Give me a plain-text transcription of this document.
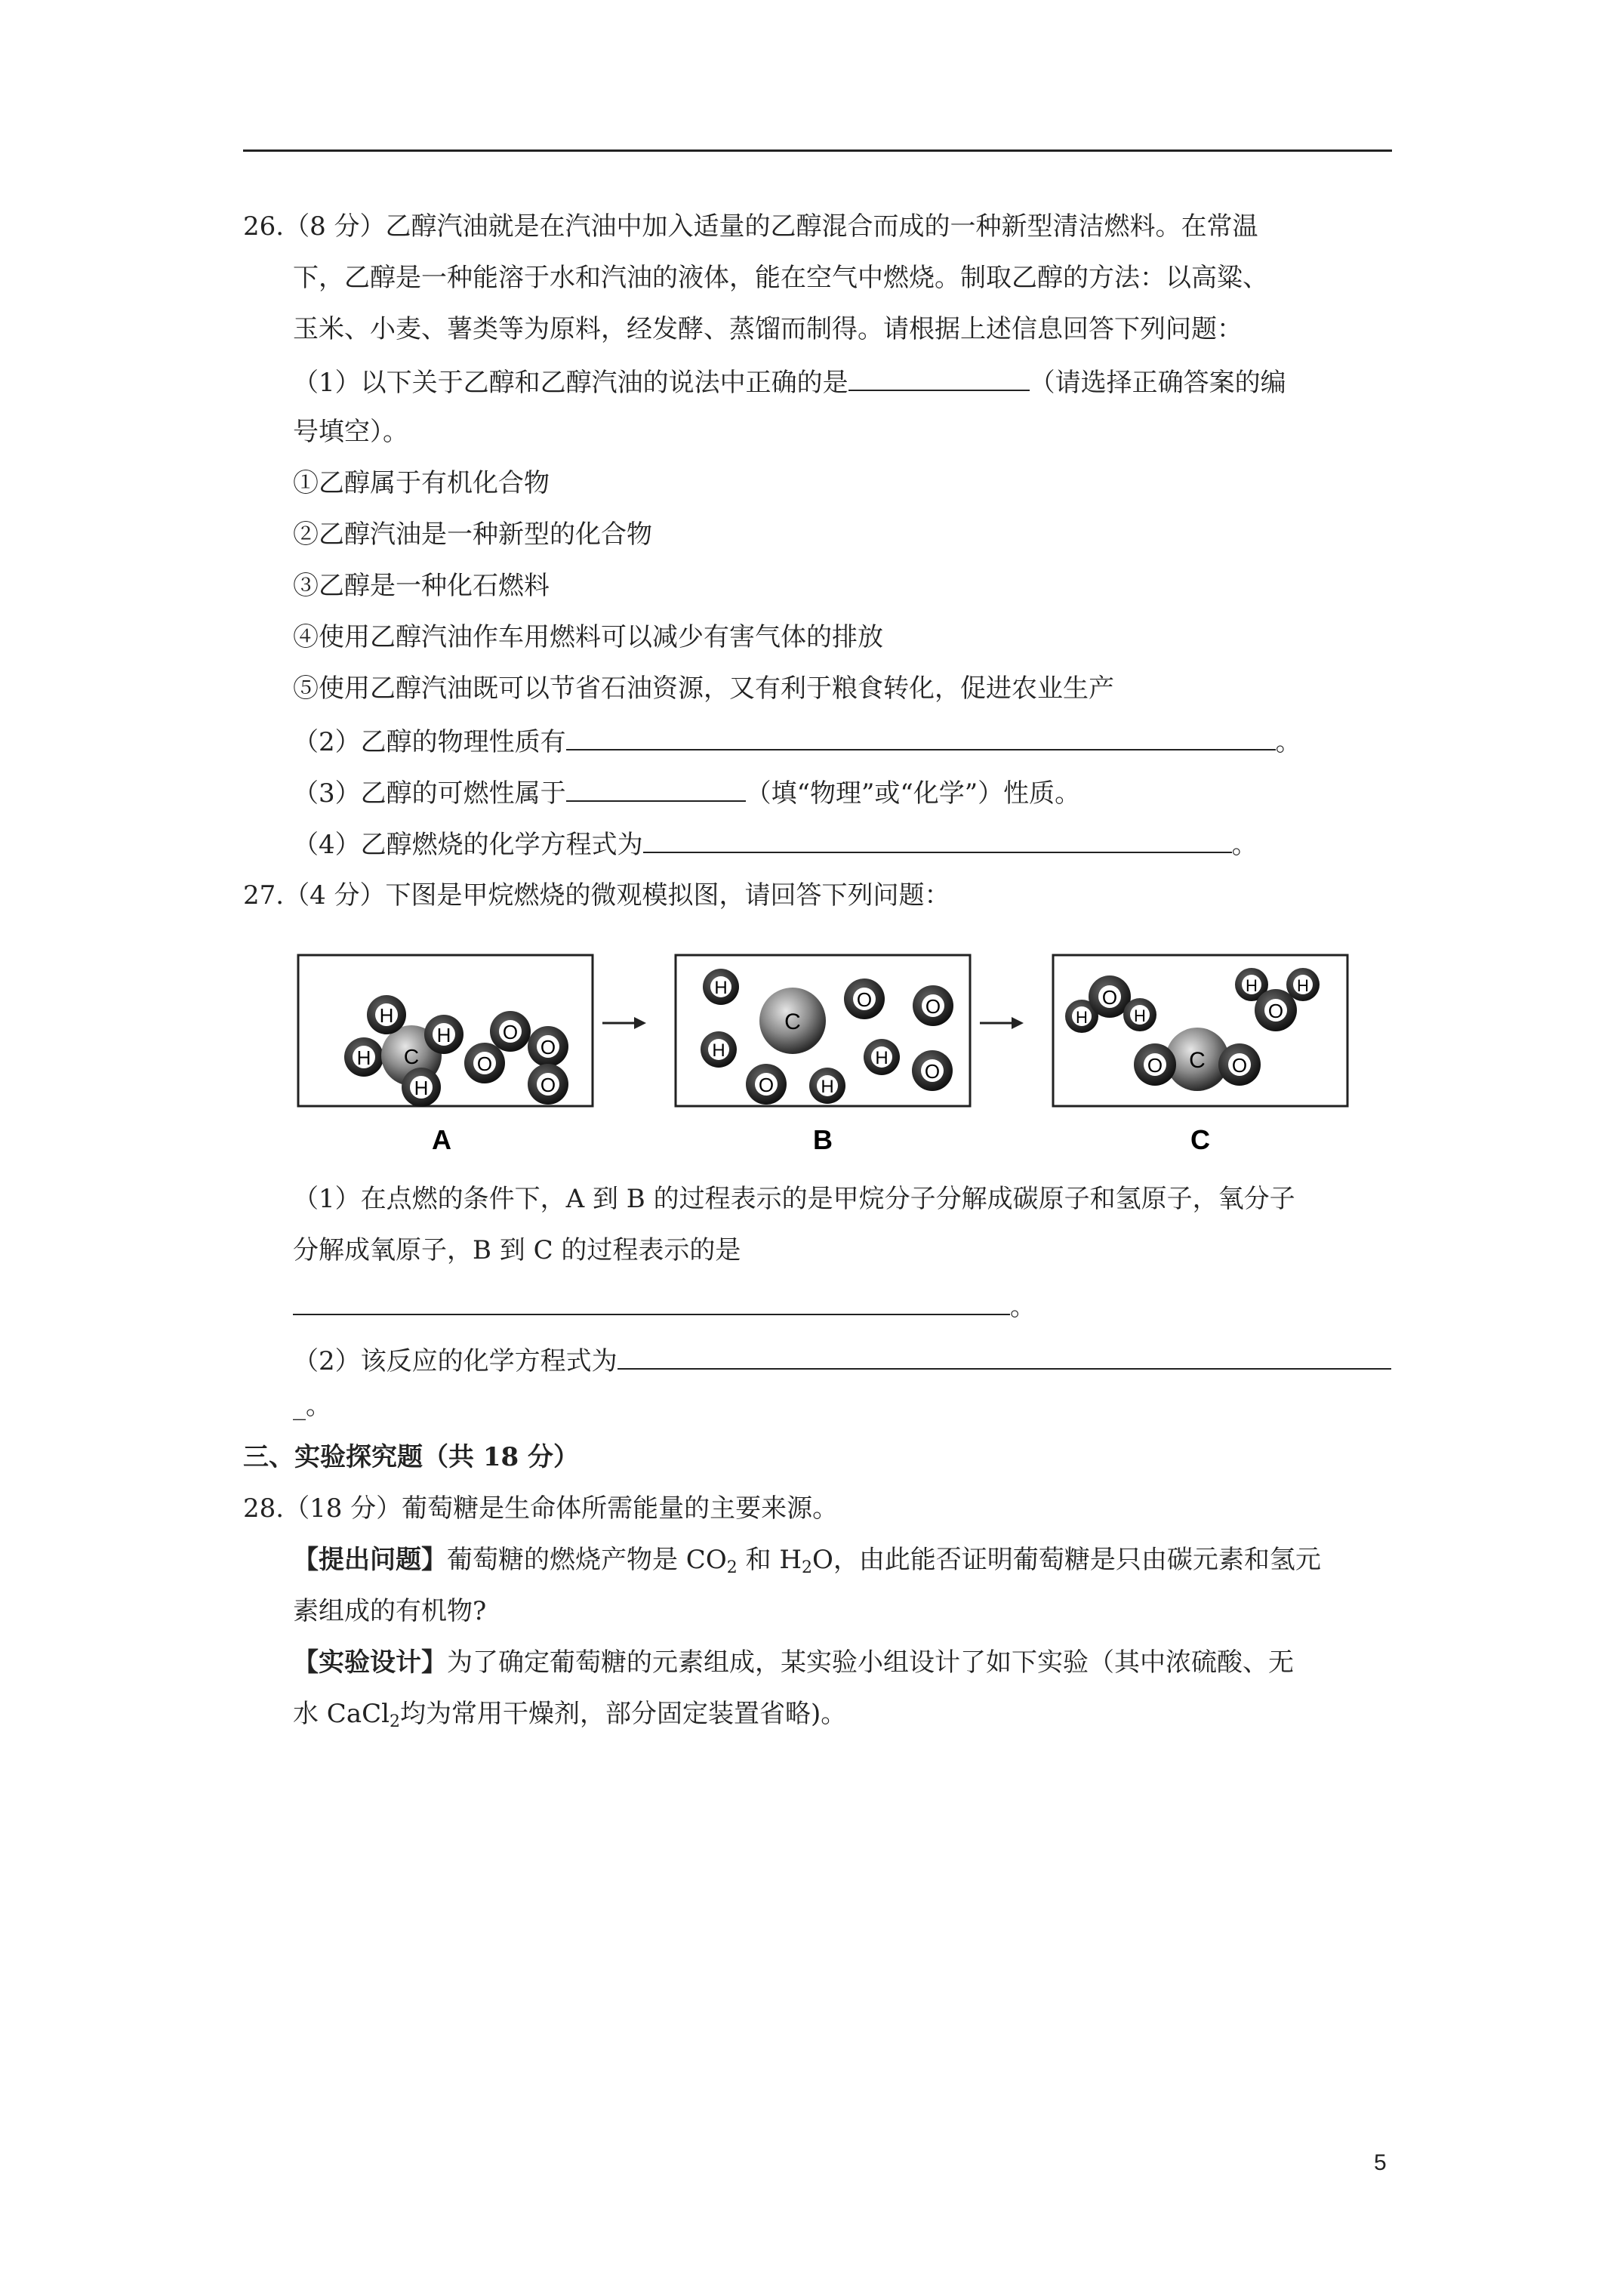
26.（8 分）乙醇汽油就是在汽油中加入适量的乙醇混合而成的一种新型清洁燃料。在常温
下，乙醇是一种能溶于水和汽油的液体，能在空气中燃烧。制取乙醇的方法：以高粱、
玉米、小麦、薯类等为原料，经发酵、蒸馏而制得。请根据上述信息回答下列问题：
（1）以下关于乙醇和乙醇汽油的说法中正确的是	（请选择正确答案的编
号填空）。
①乙醇属于有机化合物
②乙醇汽油是一种新型的化合物
③乙醇是一种化石燃料
④使用乙醇汽油作车用燃料可以减少有害气体的排放
⑤使用乙醇汽油既可以节省石油资源，又有利于粮食转化，促进农业生产
（2）乙醇的物理性质有	。
（3）乙醇的可燃性属于	（填“物理”或“化学”）性质。
（4）乙醇燃烧的化学方程式为	。
27.（4 分）下图是甲烷燃烧的微观模拟图，请回答下列问题：
H C
H
H
H
O
O
O
O
A
H
H
C
O	O
O
H
H
O
B
H
O
H
H
O
H
O C O
C
（1）在点燃的条件下，A 到 B 的过程表示的是甲烷分子分解成碳原子和氢原子，氧分子
分解成氧原子，B 到 C 的过程表示的是
。
（2）该反应的化学方程式为
_。
三、实验探究题（共 18 分）
28.（18 分）葡萄糖是生命体所需能量的主要来源。
【提出问题】葡萄糖的燃烧产物是 $CO_2$ 和 $H_2O$，由此能否证明葡萄糖是只由碳元素和氢元
素组成的有机物?
【实验设计】为了确定葡萄糖的元素组成，某实验小组设计了如下实验（其中浓硫酸、无
水 CaCl$_2$均为常用干燥剂，部分固定装置省略)。
5
